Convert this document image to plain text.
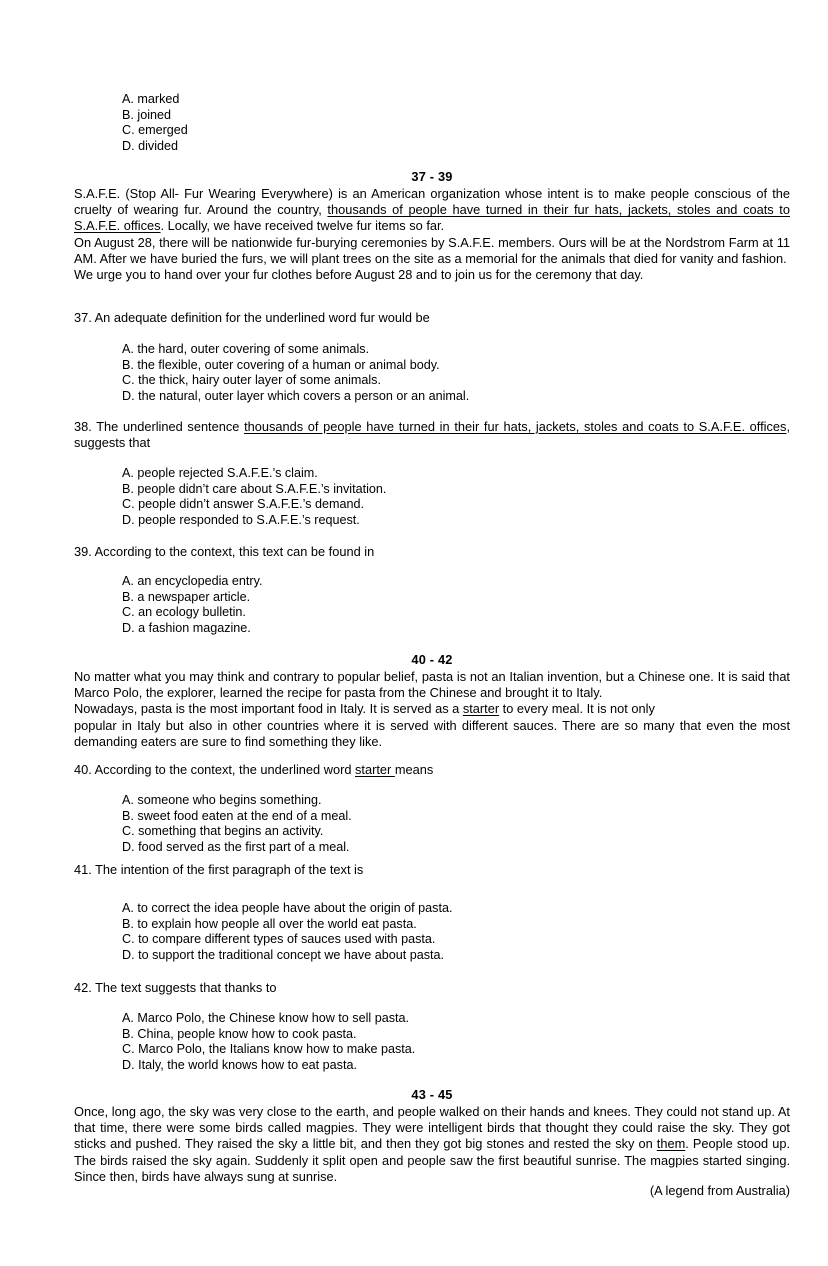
A. marked
B. joined
C. emerged
D. divided
37 - 39

S.A.F.E. (Stop All- Fur Wearing Everywhere) is an American organization whose intent is to make people conscious of the cruelty of wearing fur. Around the country, thousands of people have turned in their fur hats, jackets, stoles and coats to S.A.F.E. offices. Locally, we have received twelve fur items so far.

On August 28, there will be nationwide fur-burying ceremonies by S.A.F.E. members. Ours will be at the Nordstrom Farm at 11 AM. After we have buried the furs, we will plant trees on the site as a memorial for the animals that died for vanity and fashion.

We urge you to hand over your fur clothes before August 28 and to join us for the ceremony that day.

37. An adequate definition for the underlined word fur would be
A. the hard, outer covering of some animals.
B. the flexible, outer covering of a human or animal body.
C. the thick, hairy outer layer of some animals.
D. the natural, outer layer which covers a person or an animal.
38. The underlined sentence thousands of people have turned in their fur hats, jackets, stoles and coats to S.A.F.E. offices, suggests that
A. people rejected S.A.F.E.’s claim.
B. people didn’t care about S.A.F.E.’s invitation.
C. people didn’t answer S.A.F.E.’s demand.
D. people responded to S.A.F.E.’s request.
39. According to the context, this text can be found in
A. an encyclopedia entry.
B. a newspaper article.
C. an ecology bulletin.
D. a fashion magazine.
40 - 42

No matter what you may think and contrary to popular belief, pasta is not an Italian invention, but a Chinese one. It is said that Marco Polo, the explorer, learned the recipe for pasta from the Chinese and brought it to Italy.

Nowadays, pasta is the most important food in Italy. It is served as a starter to every meal. It is not only

popular in Italy but also in other countries where it is served with different sauces. There are so many that even the most demanding eaters are sure to find something they like.

40. According to the context, the underlined word starter means
A. someone who begins something.
B. sweet food eaten at the end of a meal.
C. something that begins an activity.
D. food served as the first part of a meal.
41. The intention of the first paragraph of the text is
A. to correct the idea people have about the origin of pasta.
B. to explain how people all over the world eat pasta.
C. to compare different types of sauces used with pasta.
D. to support the traditional concept we have about pasta.
42. The text suggests that thanks to
A. Marco Polo, the Chinese know how to sell pasta.
B. China, people know how to cook pasta.
C. Marco Polo, the Italians know how to make pasta.
D. Italy, the world knows how to eat pasta.
43 - 45

Once, long ago, the sky was very close to the earth, and people walked on their hands and knees. They could not stand up. At that time, there were some birds called magpies. They were intelligent birds that thought they could raise the sky. They got sticks and pushed. They raised the sky a little bit, and then they got big stones and rested the sky on them. People stood up. The birds raised the sky again. Suddenly it split open and people saw the first beautiful sunrise. The magpies started singing. Since then, birds have always sung at sunrise.

(A legend from Australia)
